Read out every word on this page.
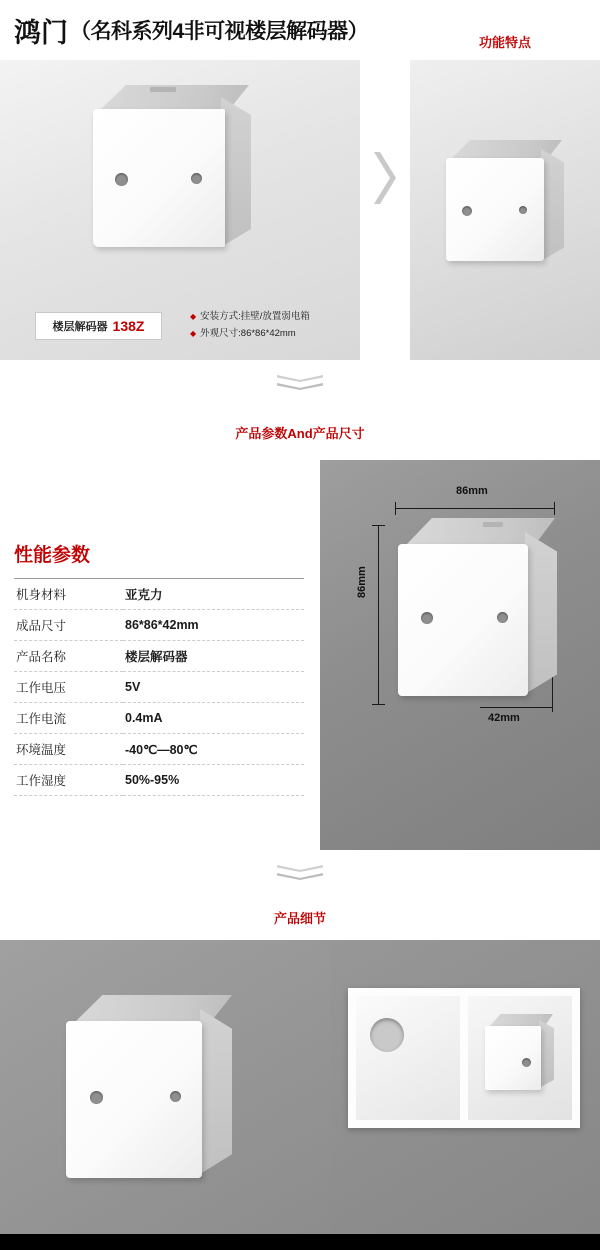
鸿门 （名科系列4非可视楼层解码器）
楼层解码器 138Z
◆ 安装方式:挂壁/放置弱电箱
◆ 外观尺寸:86*86*42mm
功能特点
产品参数And产品尺寸
性能参数
机身材料	亚克力
成品尺寸	86*86*42mm
产品名称	楼层解码器
工作电压	5V
工作电流	0.4mA
环境温度	-40℃—80℃
工作湿度	50%-95%
86mm
86mm
42mm
产品细节
